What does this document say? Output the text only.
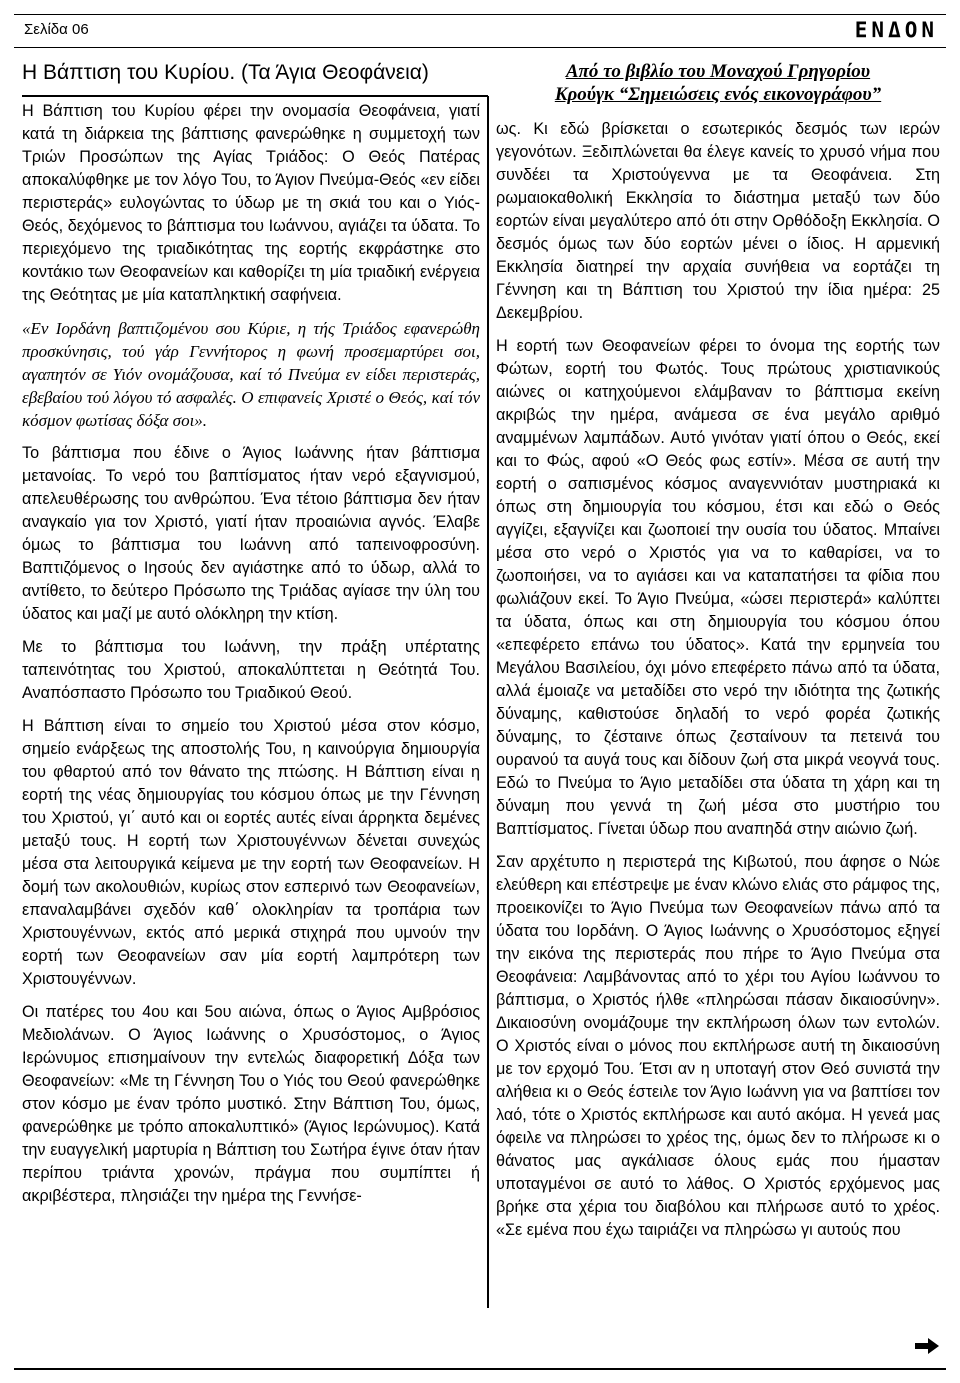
Σελίδα 06	ΕΝΔΟΝ
Η Βάπτιση του Κυρίου. (Τα Άγια Θεοφάνεια)

Η Βάπτιση του Κυρίου φέρει την ονομασία Θεοφάνεια, γιατί κατά τη διάρκεια της βάπτισης φανερώθηκε η συμμετοχή των Τριών Προσώπων της Αγίας Τριάδος: Ο Θεός Πατέρας αποκαλύφθηκε με τον λόγο Του, το Άγιον Πνεύμα-Θεός «εν είδει περιστεράς» ευλογώντας το ύδωρ με τη σκιά του και ο Υιός-Θεός, δεχόμενος το βάπτισμα του Ιωάννου, αγιάζει τα ύδατα. Το περιεχόμενο της τριαδικότητας της εορτής εκφράστηκε στο κοντάκιο των Θεοφανείων και καθορίζει τη μία τριαδική ενέργεια της Θεότητας με μία καταπληκτική σαφήνεια.

«Εν Ιορδάνη βαπτιζομένου σου Κύριε, η τής Τριάδος εφανερώθη προσκύνησις, τού γάρ Γεννήτορος η φωνή προσεμαρτύρει σοι, αγαπητόν σε Υιόν ονομάζουσα, καί τό Πνεύμα εν είδει περιστεράς, εβεβαίου τού λόγου τό ασφαλές. Ο επιφανείς Χριστέ ο Θεός, καί τόν κόσμον φωτίσας δόξα σοι».

Το βάπτισμα που έδινε ο Άγιος Ιωάννης ήταν βάπτισμα μετανοίας. Το νερό του βαπτίσματος ήταν νερό εξαγνισμού, απελευθέρωσης του ανθρώπου. Ένα τέτοιο βάπτισμα δεν ήταν αναγκαίο για τον Χριστό, γιατί ήταν προαιώνια αγνός. Έλαβε όμως το βάπτισμα του Ιωάννη από ταπεινοφροσύνη. Βαπτιζόμενος ο Ιησούς δεν αγιάστηκε από το ύδωρ, αλλά το αντίθετο, το δεύτερο Πρόσωπο της Τριάδας αγίασε την ύλη του ύδατος και μαζί με αυτό ολόκληρη την κτίση.

Με το βάπτισμα του Ιωάννη, την πράξη υπέρτατης ταπεινότητας του Χριστού, αποκαλύπτεται η Θεότητά Του. Αναπόσπαστο Πρόσωπο του Τριαδικού Θεού.

Η Βάπτιση είναι το σημείο του Χριστού μέσα στον κόσμο, σημείο ενάρξεως της αποστολής Του, η καινούργια δημιουργία του φθαρτού από τον θάνατο της πτώσης. Η Βάπτιση είναι η εορτή της νέας δημιουργίας του κόσμου όπως με την Γέννηση του Χριστού, γι΄ αυτό και οι εορτές αυτές είναι άρρηκτα δεμένες μεταξύ τους. Η εορτή των Χριστουγέννων δένεται συνεχώς μέσα στα λειτουργικά κείμενα με την εορτή των Θεοφανείων. Η δομή των ακολουθιών, κυρίως στον εσπερινό των Θεοφανείων, επαναλαμβάνει σχεδόν καθ΄ ολοκληρίαν τα τροπάρια των Χριστουγέννων, εκτός από μερικά στιχηρά που υμνούν την εορτή των Θεοφανείων σαν μία εορτή λαμπρότερη των Χριστουγέννων.

Οι πατέρες του 4ου και 5ου αιώνα, όπως ο Άγιος Αμβρόσιος Μεδιολάνων. Ο Άγιος Ιωάννης ο Χρυσόστομος, ο Άγιος Ιερώνυμος επισημαίνουν την εντελώς διαφορετική Δόξα των Θεοφανείων: «Με τη Γέννηση Του ο Υιός του Θεού φανερώθηκε στον κόσμο με έναν τρόπο μυστικό. Στην Βάπτιση Του, όμως, φανερώθηκε με τρόπο αποκαλυπτικό» (Άγιος Ιερώνυμος). Κατά την ευαγγελική μαρτυρία η Βάπτιση του Σωτήρα έγινε όταν ήταν περίπου τριάντα χρονών, πράγμα που συμπίπτει ή ακριβέστερα, πλησιάζει την ημέρα της Γεννήσε-

Από το βιβλίο του Μοναχού Γρηγορίου
Κρούγκ “Σημειώσεις ενός εικονογράφου”

ως. Κι εδώ βρίσκεται ο εσωτερικός δεσμός των ιερών γεγονότων. Ξεδιπλώνεται θα έλεγε κανείς το χρυσό νήμα που συνδέει τα Χριστούγεννα με τα Θεοφάνεια. Στη ρωμαιοκαθολική Εκκλησία το διάστημα μεταξύ των δύο εορτών είναι μεγαλύτερο από ότι στην Ορθόδοξη Εκκλησία. Ο δεσμός όμως των δύο εορτών μένει ο ίδιος. Η αρμενική Εκκλησία διατηρεί την αρχαία συνήθεια να εορτάζει τη Γέννηση και τη Βάπτιση του Χριστού την ίδια ημέρα: 25 Δεκεμβρίου.

Η εορτή των Θεοφανείων φέρει το όνομα της εορτής των Φώτων, εορτή του Φωτός. Τους πρώτους χριστιανικούς αιώνες οι κατηχούμενοι ελάμβαναν το βάπτισμα εκείνη ακριβώς την ημέρα, ανάμεσα σε ένα μεγάλο αριθμό αναμμένων λαμπάδων. Αυτό γινόταν γιατί όπου ο Θεός, εκεί και το Φώς, αφού «Ο Θεός φως εστίν». Μέσα σε αυτή την εορτή ο σαπισμένος κόσμος αναγεννιόταν μυστηριακά κι όπως στη δημιουργία του κόσμου, έτσι και εδώ ο Θεός αγγίζει, εξαγνίζει και ζωοποιεί την ουσία του ύδατος. Μπαίνει μέσα στο νερό ο Χριστός για να το καθαρίσει, να το ζωοποιήσει, να το αγιάσει και να καταπατήσει τα φίδια που φωλιάζουν εκεί. Το Άγιο Πνεύμα, «ώσει περιστερά» καλύπτει τα ύδατα, όπως και στη δημιουργία του κόσμου όπου «επεφέρετο επάνω του ύδατος». Κατά την ερμηνεία του Μεγάλου Βασιλείου, όχι μόνο επεφέρετο πάνω από τα ύδατα, αλλά έμοιαζε να μεταδίδει στο νερό την ιδιότητα της ζωτικής δύναμης, καθιστούσε δηλαδή το νερό φορέα ζωτικής δύναμης, το ζέσταινε όπως ζεσταίνουν τα πετεινά του ουρανού τα αυγά τους και δίδουν ζωή στα μικρά νεογνά τους. Εδώ το Πνεύμα το Άγιο μεταδίδει στα ύδατα τη χάρη και τη δύναμη που γεννά τη ζωή μέσα στο μυστήριο του Βαπτίσματος. Γίνεται ύδωρ που αναπηδά στην αιώνιο ζωή.

Σαν αρχέτυπο η περιστερά της Κιβωτού, που άφησε ο Νώε ελεύθερη και επέστρεψε με έναν κλώνο ελιάς στο ράμφος της, προεικονίζει το Άγιο Πνεύμα των Θεοφανείων πάνω από τα ύδατα του Ιορδάνη. Ο Άγιος Ιωάννης ο Χρυσόστομος εξηγεί την εικόνα της περιστεράς που πήρε το Άγιο Πνεύμα στα Θεοφάνεια: Λαμβάνοντας από το χέρι του Αγίου Ιωάννου το βάπτισμα, ο Χριστός ήλθε «πληρώσαι πάσαν δικαιοσύνην». Δικαιοσύνη ονομάζουμε την εκπλήρωση όλων των εντολών. Ο Χριστός είναι ο μόνος που εκπλήρωσε αυτή τη δικαιοσύνη με τον ερχομό Του. Έτσι αν η υποταγή στον Θεό συνιστά την αλήθεια κι ο Θεός έστειλε τον Άγιο Ιωάννη για να βαπτίσει τον λαό, τότε ο Χριστός εκπλήρωσε και αυτό ακόμα. Η γενεά μας όφειλε να πληρώσει το χρέος της, όμως δεν το πλήρωσε κι ο θάνατος μας αγκάλιασε όλους εμάς που ήμασταν υποταγμένοι σε αυτό το λάθος. Ο Χριστός ερχόμενος μας βρήκε στα χέρια του διαβόλου και πλήρωσε αυτό το χρέος. «Σε εμένα που έχω ταιριάζει να πληρώσω γι αυτούς που
